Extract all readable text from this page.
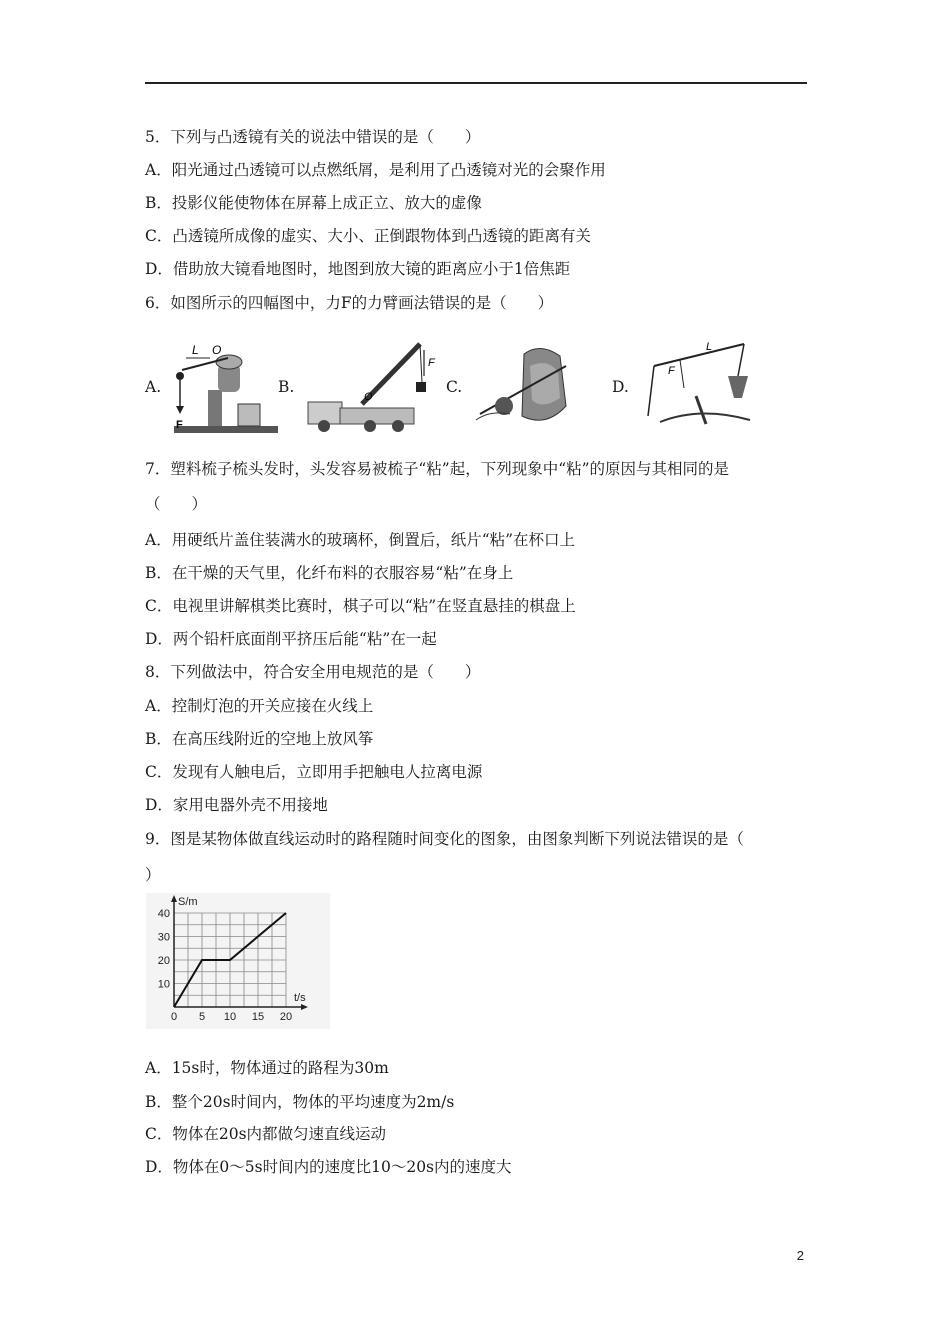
5．下列与凸透镜有关的说法中错误的是（　　）
A．阳光通过凸透镜可以点燃纸屑，是利用了凸透镜对光的会聚作用
B．投影仪能使物体在屏幕上成正立、放大的虚像
C．凸透镜所成像的虚实、大小、正倒跟物体到凸透镜的距离有关
D．借助放大镜看地图时，地图到放大镜的距离应小于1倍焦距
6．如图所示的四幅图中，力F的力臂画法错误的是（　　）
A.
L O
F
B.
F
O
C.	D.
F
L
7．塑料梳子梳头发时，头发容易被梳子“粘”起，下列现象中“粘”的原因与其相同的是
（　　）
A．用硬纸片盖住装满水的玻璃杯，倒置后，纸片“粘”在杯口上
B．在干燥的天气里，化纤布料的衣服容易“粘”在身上
C．电视里讲解棋类比赛时，棋子可以“粘”在竖直悬挂的棋盘上
D．两个铅杆底面削平挤压后能“粘”在一起
8．下列做法中，符合安全用电规范的是（　　）
A．控制灯泡的开关应接在火线上
B．在高压线附近的空地上放风筝
C．发现有人触电后，立即用手把触电人拉离电源
D．家用电器外壳不用接地
9．图是某物体做直线运动时的路程随时间变化的图象，由图象判断下列说法错误的是（
）
0 5 10 15 20
10
20
30
40
t/s
S/m
A．15s时，物体通过的路程为30m
B．整个20s时间内，物体的平均速度为2m/s
C．物体在20s内都做匀速直线运动
D．物体在0～5s时间内的速度比10～20s内的速度大
2
